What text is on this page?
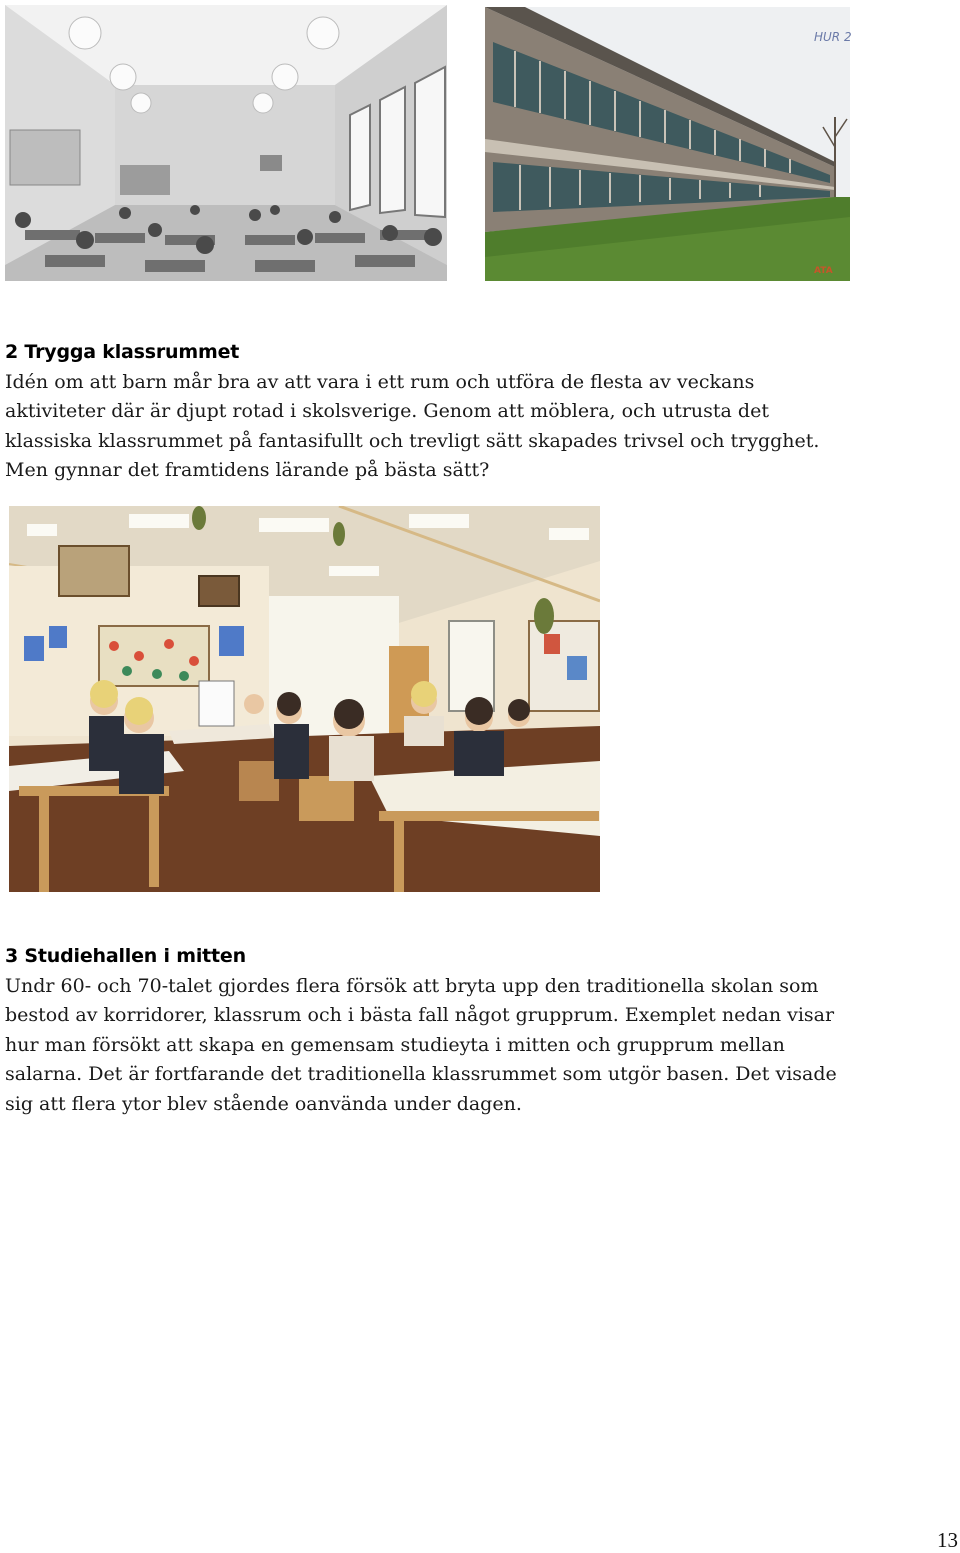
HUR 2
ATA
2 Trygga klassrummet

Idén om att barn mår bra av att vara i ett rum och utföra de flesta av veckans

aktiviteter där är djupt rotad i skolsverige. Genom att möblera, och utrusta det

klassiska klassrummet på fantasifullt och trevligt sätt skapades trivsel och trygghet.

Men gynnar det framtidens lärande på bästa sätt?

3 Studiehallen i mitten

Undr 60- och 70-talet gjordes flera försök att bryta upp den traditionella skolan som

bestod av korridorer, klassrum och i bästa fall något grupprum. Exemplet nedan visar

hur man försökt att skapa en gemensam studieyta i mitten och grupprum mellan

salarna. Det är fortfarande det traditionella klassrummet som utgör basen. Det visade

sig att flera ytor blev stående oanvända under dagen.

13
